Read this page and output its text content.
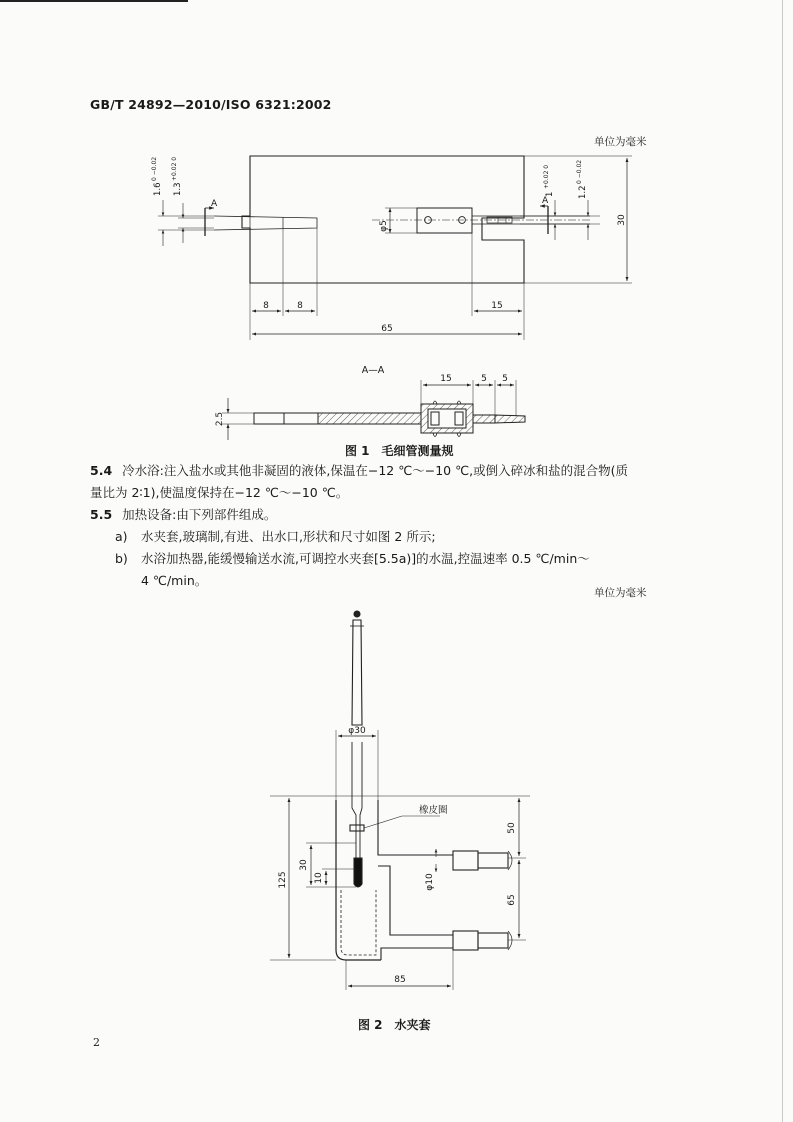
GB/T 24892—2010/ISO 6321:2002
单位为毫米
A	A
φ5
1.6
0 −0.02
1.3
+0.02 0
1
+0.02 0
1.2
0 −0.02
8	8	15
65
30
A—A
15	5 5
2.5
φ30
橡皮圈
50
30
10	φ10
125
65
85
图 1　毛细管测量规
5.4 冷水浴:注入盐水或其他非凝固的液体,保温在−12 ℃～−10 ℃,或倒入碎冰和盐的混合物(质
量比为 2∶1),使温度保持在−12 ℃～−10 ℃。
5.5 加热设备:由下列部件组成。
a) 水夹套,玻璃制,有进、出水口,形状和尺寸如图 2 所示;
b) 水浴加热器,能缓慢输送水流,可调控水夹套[5.5a)]的水温,控温速率 0.5 ℃/min～
4 ℃/min。
单位为毫米
图 2　水夹套
2
